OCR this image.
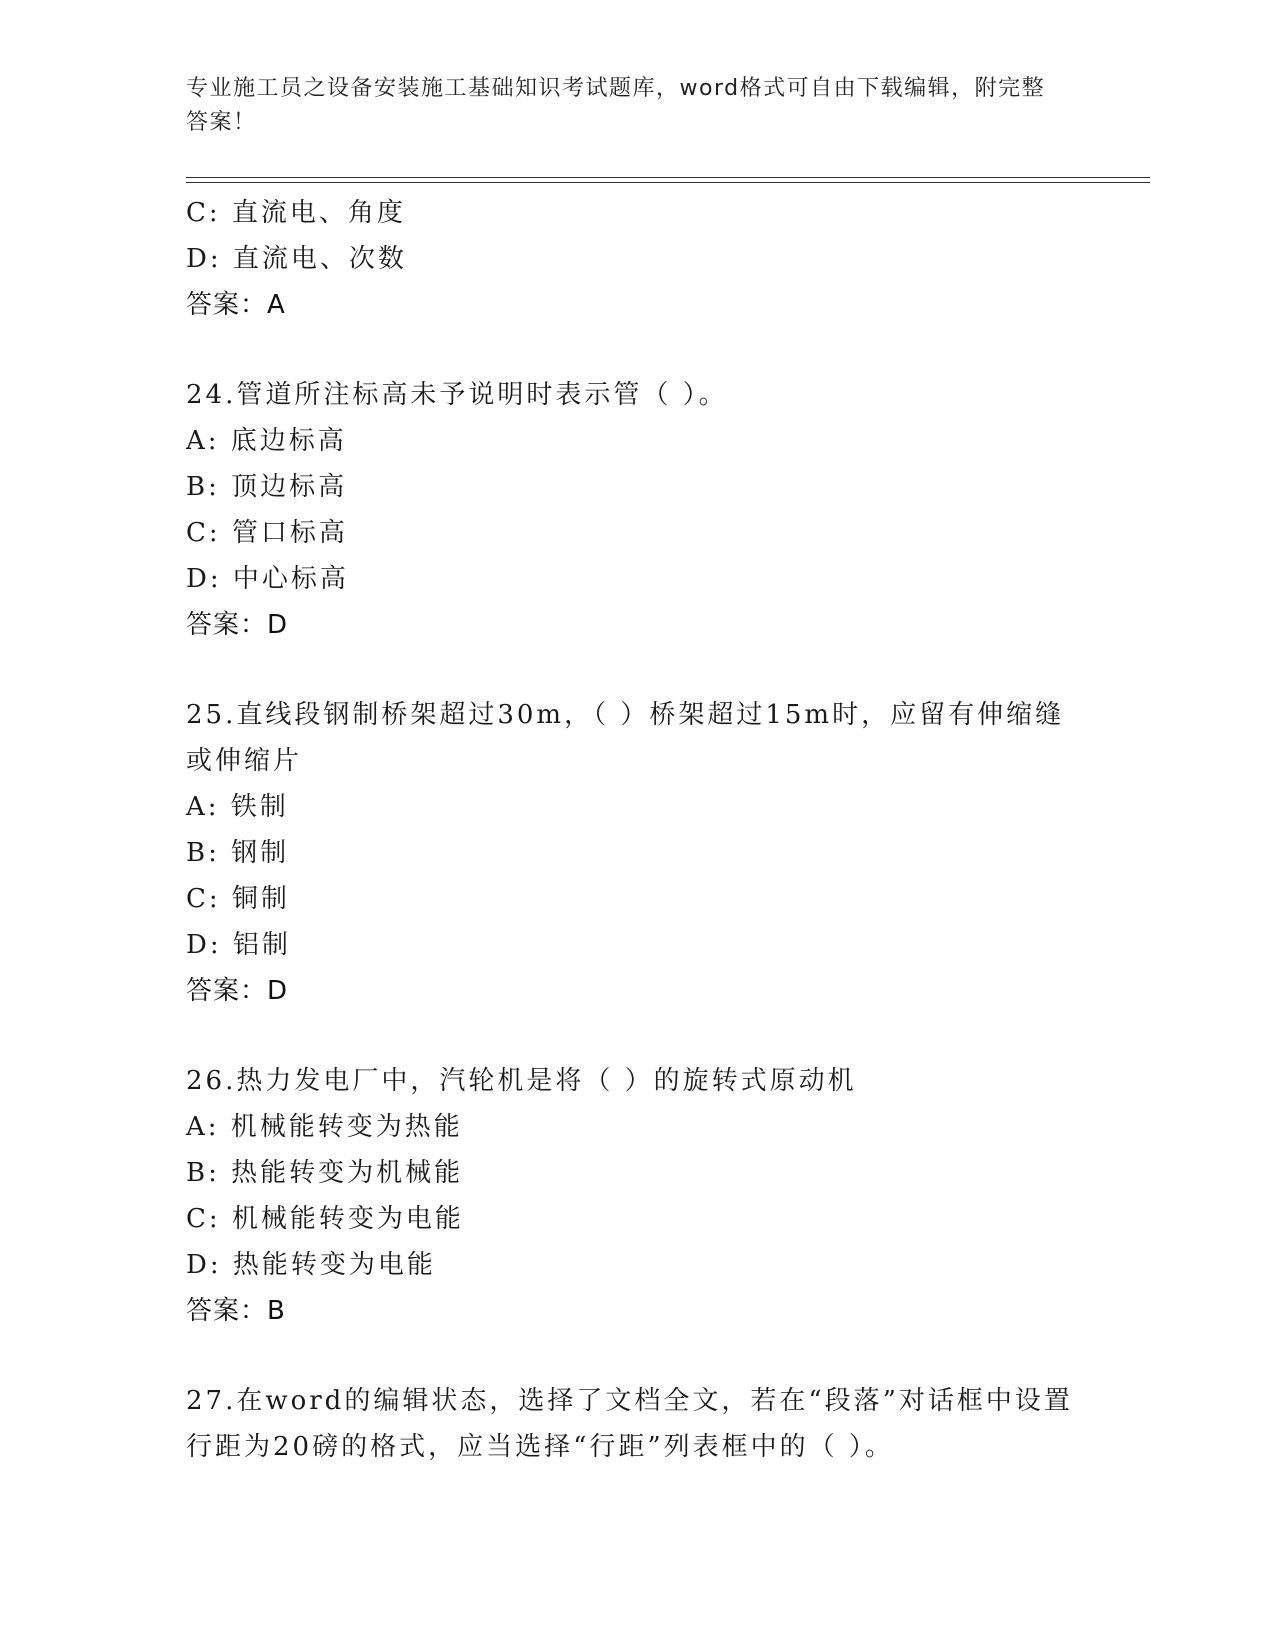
专业施工员之设备安装施工基础知识考试题库，word格式可自由下载编辑，附完整答案！
C: 直流电、角度
D: 直流电、次数
答案：A
24.管道所注标高未予说明时表示管（ ）。
A: 底边标高
B: 顶边标高
C: 管口标高
D: 中心标高
答案：D
25.直线段钢制桥架超过30m，（ ）桥架超过15m时，应留有伸缩缝或伸缩片
A: 铁制
B: 钢制
C: 铜制
D: 铝制
答案：D
26.热力发电厂中，汽轮机是将（ ）的旋转式原动机
A: 机械能转变为热能
B: 热能转变为机械能
C: 机械能转变为电能
D: 热能转变为电能
答案：B
27.在word的编辑状态，选择了文档全文，若在“段落”对话框中设置行距为20磅的格式，应当选择“行距”列表框中的（ ）。
